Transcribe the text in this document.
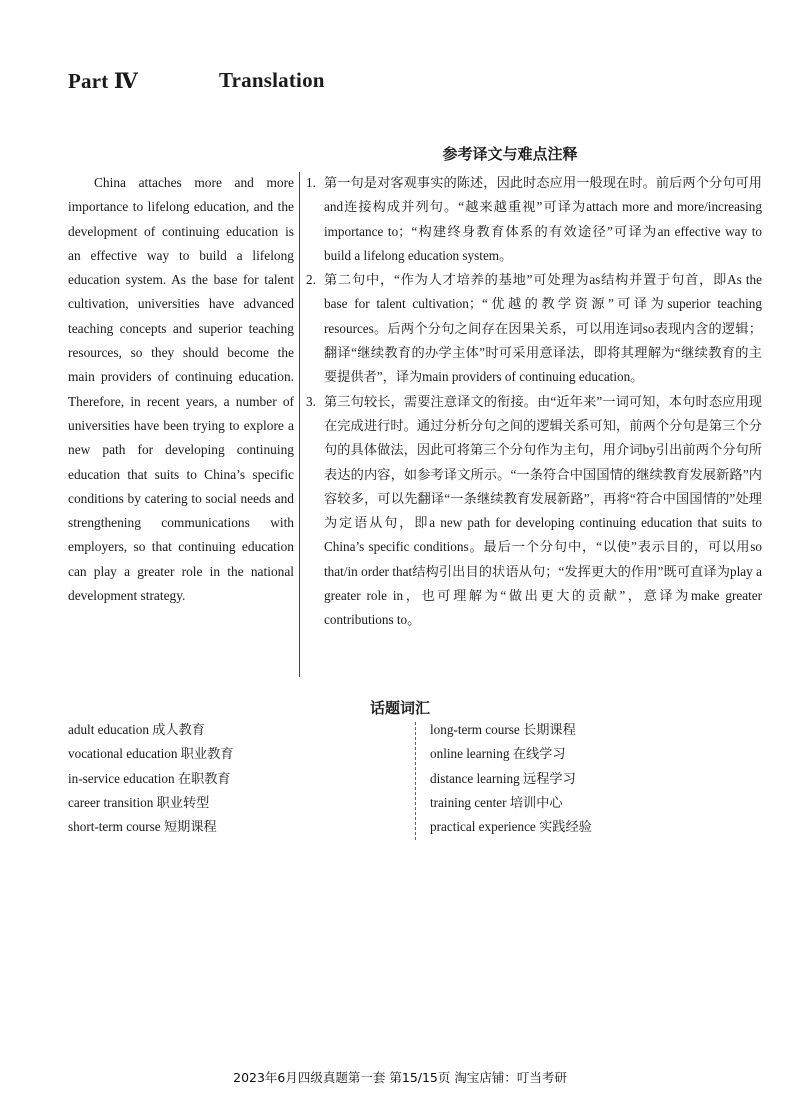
Part Ⅳ	Translation
参考译文与难点注释

China attaches more and more importance to lifelong education, and the development of continuing education is an effective way to build a lifelong education system. As the base for talent cultivation, universities have advanced teaching concepts and superior teaching resources, so they should become the main providers of continuing education. Therefore, in recent years, a number of universities have been trying to explore a new path for developing continuing education that suits to China’s specific conditions by catering to social needs and strengthening communications with employers, so that continuing education can play a greater role in the national development strategy.

1. 第一句是对客观事实的陈述，因此时态应用一般现在时。前后两个分句可用and连接构成并列句。“越来越重视”可译为attach more and more/increasing importance to；“构建终身教育体系的有效途径”可译为an effective way to build a lifelong education system。
2. 第二句中，“作为人才培养的基地”可处理为as结构并置于句首，即As the base for talent cultivation；“优越的教学资源”可译为superior teaching resources。后两个分句之间存在因果关系，可以用连词so表现内含的逻辑；翻译“继续教育的办学主体”时可采用意译法，即将其理解为“继续教育的主要提供者”，译为main providers of continuing education。
3. 第三句较长，需要注意译文的衔接。由“近年来”一词可知，本句时态应用现在完成进行时。通过分析分句之间的逻辑关系可知，前两个分句是第三个分句的具体做法，因此可将第三个分句作为主句，用介词by引出前两个分句所表达的内容，如参考译文所示。“一条符合中国国情的继续教育发展新路”内容较多，可以先翻译“一条继续教育发展新路”，再将“符合中国国情的”处理为定语从句，即a new path for developing continuing education that suits to China’s specific conditions。最后一个分句中，“以使”表示目的，可以用so that/in order that结构引出目的状语从句；“发挥更大的作用”既可直译为play a greater role in，也可理解为“做出更大的贡献”，意译为make greater contributions to。
话题词汇
adult education 成人教育
vocational education 职业教育
in-service education 在职教育
career transition 职业转型
short-term course 短期课程
long-term course 长期课程
online learning 在线学习
distance learning 远程学习
training center 培训中心
practical experience 实践经验
2023年6月四级真题第一套 第15/15页 淘宝店铺：叮当考研
